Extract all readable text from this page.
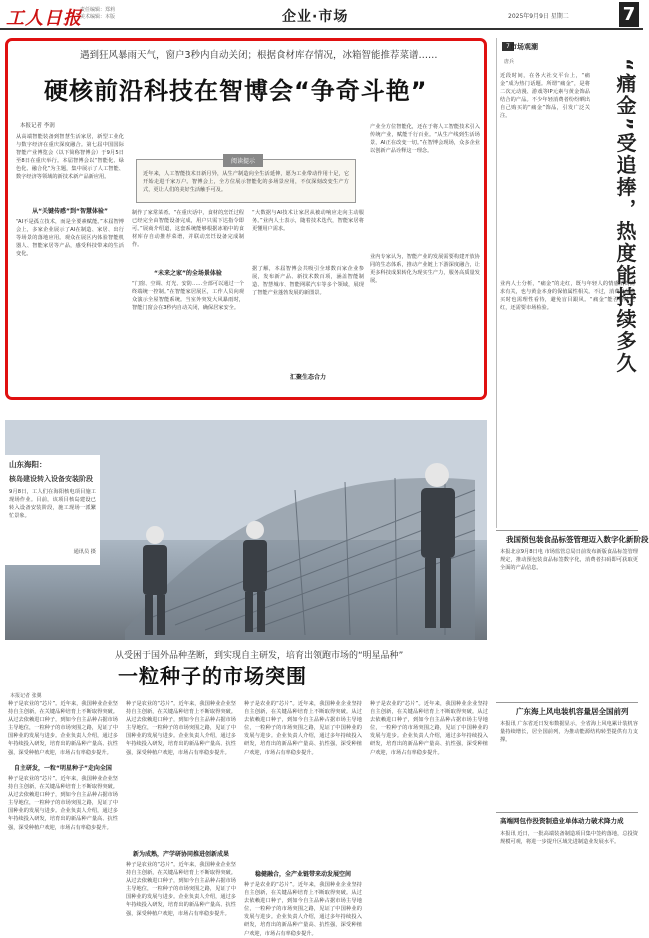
工人日报
责任编辑：郑莉 美术编辑：本版	企业·市场	2025年9月9日 星期二	7
遇到狂风暴雨天气，窗户3秒内自动关闭；根据食材库存情况，冰箱智能推荐菜谱……
硬核前沿科技在智博会“争奇斗艳”
本报记者 李润
阅读提示
近年来，人工智能技术日新月异，从生产制造向全生活延伸，愿为工业带动作用十足，它开始走进千家万户。智博会上，全方位展示智能化的多场景应用，不仅深刻改变生产方式，更让人们的美好生活触手可及。
从高端智能装备到智慧生活家居，新型工业化与数字经济在重庆深度融合。第七届中国国际智能产业博览会（以下简称智博会）于9月5日至8日在重庆举行。本届智博会以“智能化、绿色化、融合化”为主题，集中展示了人工智能、数字经济等领域的新技术新产品新应用。
从“关键传感”到“智慧体验”
“AI不是孤立技术，而是全要素赋能。”本届智博会上，多家企业展示了AI在制造、家居、出行等场景的落地应用。观众在展区内体验智能机器人、智能家居等产品，感受科技带来的生活变化。
制作了家常菜肴。“在重庆话中，食材的烹饪过程已经完全由智能设备完成，用户只需下达指令即可。”展商介绍道，这套系统能够根据冰箱中的食材库存自动推荐菜谱，并联动烹饪设备完成制作。
“未来之家”的全场景体验
“门窗、空调、灯光、安防……全部可以通过一个终端统一控制。”在智能家居展区，工作人员向观众演示全屋智能系统。当室外突发大风暴雨时，智能门窗会在3秒内自动关闭，确保居家安全。
“大数据与AI技术让家居从被动响应走向主动服务。”业内人士表示，随着技术迭代，智能家居将更懂用户需求。
据了解，本届智博会共吸引全球数百家企业参展，发布新产品、新技术数百项，涵盖智能制造、智慧城市、智能网联汽车等多个领域，展现了智能产业蓬勃发展的新图景。
汇聚生态合力
产业全方位智能化，还在于将人工智能技术引入传统产业，赋能千行百业。“从生产线到生活场景，AI正在改变一切。”在智博会现场，众多企业以创新产品诠释这一理念。
业内专家认为，智能产业的发展需要构建开放协同的生态体系，推动产业链上下游深度融合，让更多科技成果转化为现实生产力，服务高质量发展。
7 市场观潮
唐兵	“痛金”受追捧，热度能持续多久
近段时间，在各大社交平台上，“痛金”成为热门话题。所谓“痛金”，是将二次元动漫、游戏等IP元素与黄金饰品结合的产品。不少年轻消费者纷纷晒出自己购买的“痛金”饰品，引发广泛关注。
业内人士分析，“痛金”的走红，既与年轻人的情感消费需求有关，也与黄金本身的保值属性相关。不过，消费者在购买时也需理性看待，避免盲目跟风。“痛金”能否持续走红，还需要市场检验。
我国预包装食品标签管理迈入数字化新阶段
本报北京9月8日电 市场监管总局日前发布新版食品标签管理规定，推动预包装食品标签数字化，消费者扫码即可获取更全面的产品信息。
广东海上风电装机容量居全国前列
本报讯 广东省近日发布数据显示，全省海上风电累计装机容量持续增长，居全国前列，为推动能源结构转型提供有力支撑。
高端网包作投资制造业单体动力破术降力成
本报讯 近日，一批高端装备制造项目集中签约落地，总投资规模可观，将进一步提升区域先进制造业发展水平。
山东海阳：
核岛建设转入设备安装阶段
9月8日，工人们在海阳核电项目施工现场作业。目前，该项目核岛建设已转入设备安装阶段，施工现场一派繁忙景象。
通讯员 摄
从受困于国外品种垄断，到实现自主研发，培育出领跑市场的“明星品种”
一粒种子的市场突围
本报记者 张翼
种子是农业的“芯片”。近年来，我国种业企业坚持自主创新，在关键品种培育上不断取得突破。从过去依赖进口种子，到如今自主品种占据市场主导地位，一粒种子的市场突围之路，见证了中国种业的发展与进步。企业负责人介绍，通过多年持续投入研发，培育出的新品种产量高、抗性强，深受种植户欢迎，市场占有率稳步提升。
自主研发，一粒“明星种子”走向全国
种子是农业的“芯片”。近年来，我国种业企业坚持自主创新，在关键品种培育上不断取得突破。从过去依赖进口种子，到如今自主品种占据市场主导地位，一粒种子的市场突围之路，见证了中国种业的发展与进步。企业负责人介绍，通过多年持续投入研发，培育出的新品种产量高、抗性强，深受种植户欢迎，市场占有率稳步提升。
种子是农业的“芯片”。近年来，我国种业企业坚持自主创新，在关键品种培育上不断取得突破。从过去依赖进口种子，到如今自主品种占据市场主导地位，一粒种子的市场突围之路，见证了中国种业的发展与进步。企业负责人介绍，通过多年持续投入研发，培育出的新品种产量高、抗性强，深受种植户欢迎，市场占有率稳步提升。
新为成熟，产学研协同推进创新成果
种子是农业的“芯片”。近年来，我国种业企业坚持自主创新，在关键品种培育上不断取得突破。从过去依赖进口种子，到如今自主品种占据市场主导地位，一粒种子的市场突围之路，见证了中国种业的发展与进步。企业负责人介绍，通过多年持续投入研发，培育出的新品种产量高、抗性强，深受种植户欢迎，市场占有率稳步提升。
种子是农业的“芯片”。近年来，我国种业企业坚持自主创新，在关键品种培育上不断取得突破。从过去依赖进口种子，到如今自主品种占据市场主导地位，一粒种子的市场突围之路，见证了中国种业的发展与进步。企业负责人介绍，通过多年持续投入研发，培育出的新品种产量高、抗性强，深受种植户欢迎，市场占有率稳步提升。
稳健融合，全产业链带来动发展空间
种子是农业的“芯片”。近年来，我国种业企业坚持自主创新，在关键品种培育上不断取得突破。从过去依赖进口种子，到如今自主品种占据市场主导地位，一粒种子的市场突围之路，见证了中国种业的发展与进步。企业负责人介绍，通过多年持续投入研发，培育出的新品种产量高、抗性强，深受种植户欢迎，市场占有率稳步提升。
种子是农业的“芯片”。近年来，我国种业企业坚持自主创新，在关键品种培育上不断取得突破。从过去依赖进口种子，到如今自主品种占据市场主导地位，一粒种子的市场突围之路，见证了中国种业的发展与进步。企业负责人介绍，通过多年持续投入研发，培育出的新品种产量高、抗性强，深受种植户欢迎，市场占有率稳步提升。
